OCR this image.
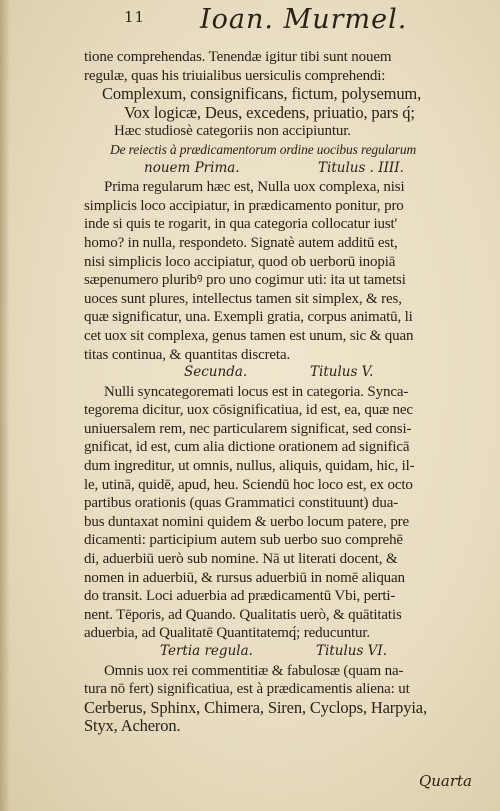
11 Ioan. Murmel.
tione comprehendas. Tenendæ igitur tibi sunt nouem
regulæ, quas his triuialibus uersiculis comprehendi:
Complexum, consignificans, fictum, polysemum,
Vox logicæ, Deus, excedens, priuatio, pars q́;
Hæc studiosè categoriis non accipiuntur.
De reiectis à prædicamentorum ordine uocibus regularum
nouem Prima.	Titulus . IIII.
Prima regularum hæc est, Nulla uox complexa, nisi
simplicis loco accipiatur, in prædicamento ponitur, pro
inde si quis te rogarit, in qua categoria collocatur iust'
homo? in nulla, respondeto. Signatè autem additū est,
nisi simplicis loco accipiatur, quod ob uerborū inopiā
sæpenumero pluribꝰ pro uno cogimur uti: ita ut tametsi
uoces sunt plures, intellectus tamen sit simplex, & res,
quæ significatur, una. Exempli gratia, corpus animatū, li
cet uox sit complexa, genus tamen est unum, sic & quan
titas continua, & quantitas discreta.
Secunda.	Titulus V.
Nulli syncategoremati locus est in categoria. Synca-
tegorema dicitur, uox cōsignificatiua, id est, ea, quæ nec
uniuersalem rem, nec particularem significat, sed consi-
gnificat, id est, cum alia dictione orationem ad significā
dum ingreditur, ut omnis, nullus, aliquis, quidam, hic, il-
le, utinā, quidē, apud, heu. Sciendū hoc loco est, ex octo
partibus orationis (quas Grammatici constituunt) dua-
bus duntaxat nomini quidem & uerbo locum patere, pre
dicamenti: participium autem sub uerbo suo comprehē
di, aduerbiū uerò sub nomine. Nā ut literati docent, &
nomen in aduerbiū, & rursus aduerbiū in nomē aliquan
do transit. Loci aduerbia ad prædicamentū Vbi, perti-
nent. Tēporis, ad Quando. Qualitatis uerò, & quātitatis
aduerbia, ad Qualitatē Quantitatemq́; reducuntur.
Tertia regula.	Titulus VI.
Omnis uox rei commentitiæ & fabulosæ (quam na-
tura nō fert) significatiua, est à prædicamentis aliena: ut
Cerberus, Sphinx, Chimera, Siren, Cyclops, Harpyia,
Styx, Acheron.
Quarta
